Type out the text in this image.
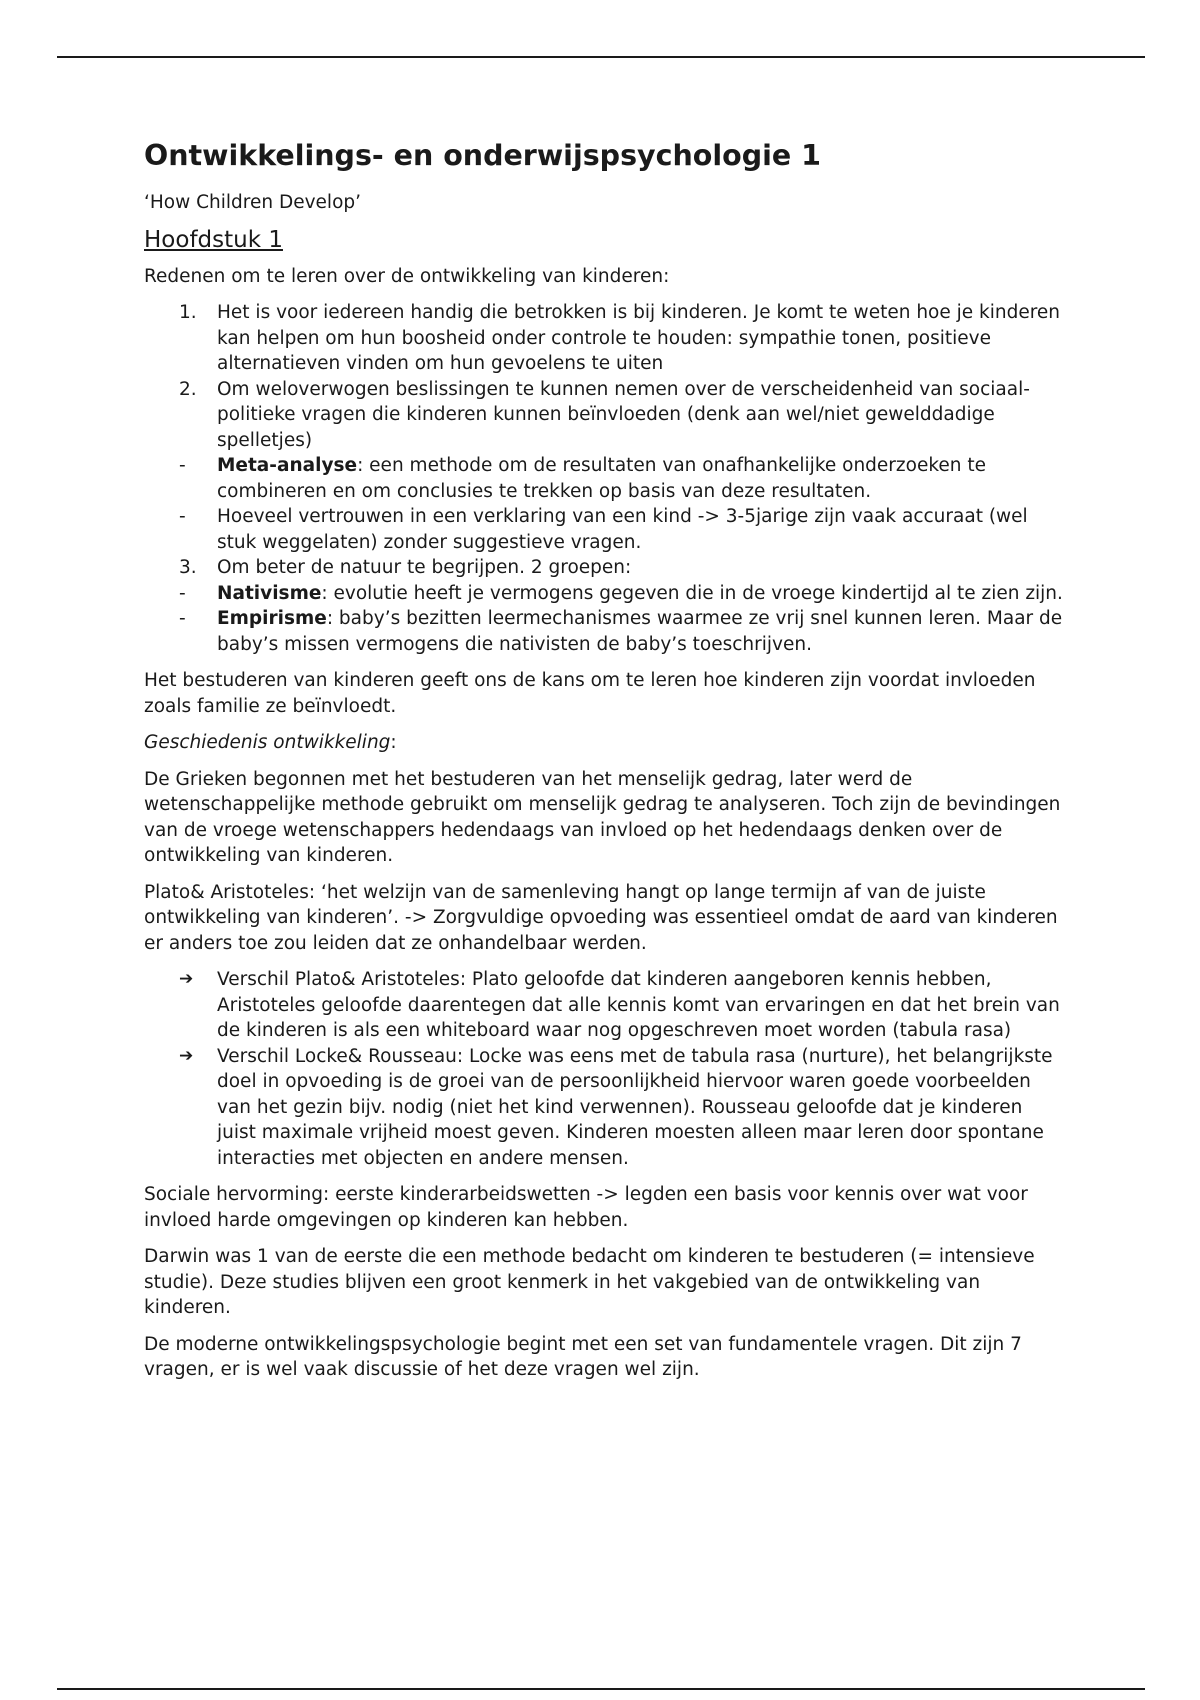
Ontwikkelings- en onderwijspsychologie 1

‘How Children Develop’

Hoofdstuk 1

Redenen om te leren over de ontwikkeling van kinderen:

1. Het is voor iedereen handig die betrokken is bij kinderen. Je komt te weten hoe je kinderen kan helpen om hun boosheid onder controle te houden: sympathie tonen, positieve alternatieven vinden om hun gevoelens te uiten
2. Om weloverwogen beslissingen te kunnen nemen over de verscheidenheid van sociaal-politieke vragen die kinderen kunnen beïnvloeden (denk aan wel/niet gewelddadige spelletjes)
- Meta-analyse: een methode om de resultaten van onafhankelijke onderzoeken te combineren en om conclusies te trekken op basis van deze resultaten.
- Hoeveel vertrouwen in een verklaring van een kind -> 3-5jarige zijn vaak accuraat (wel stuk weggelaten) zonder suggestieve vragen.
3. Om beter de natuur te begrijpen. 2 groepen:
- Nativisme: evolutie heeft je vermogens gegeven die in de vroege kindertijd al te zien zijn.
- Empirisme: baby’s bezitten leermechanismes waarmee ze vrij snel kunnen leren. Maar de baby’s missen vermogens die nativisten de baby’s toeschrijven.

Het bestuderen van kinderen geeft ons de kans om te leren hoe kinderen zijn voordat invloeden zoals familie ze beïnvloedt.

Geschiedenis ontwikkeling:

De Grieken begonnen met het bestuderen van het menselijk gedrag, later werd de wetenschappelijke methode gebruikt om menselijk gedrag te analyseren. Toch zijn de bevindingen van de vroege wetenschappers hedendaags van invloed op het hedendaags denken over de ontwikkeling van kinderen.

Plato& Aristoteles: ‘het welzijn van de samenleving hangt op lange termijn af van de juiste ontwikkeling van kinderen’. -> Zorgvuldige opvoeding was essentieel omdat de aard van kinderen er anders toe zou leiden dat ze onhandelbaar werden.

➔ Verschil Plato& Aristoteles: Plato geloofde dat kinderen aangeboren kennis hebben, Aristoteles geloofde daarentegen dat alle kennis komt van ervaringen en dat het brein van de kinderen is als een whiteboard waar nog opgeschreven moet worden (tabula rasa)
➔ Verschil Locke& Rousseau: Locke was eens met de tabula rasa (nurture), het belangrijkste doel in opvoeding is de groei van de persoonlijkheid hiervoor waren goede voorbeelden van het gezin bijv. nodig (niet het kind verwennen). Rousseau geloofde dat je kinderen juist maximale vrijheid moest geven. Kinderen moesten alleen maar leren door spontane interacties met objecten en andere mensen.

Sociale hervorming: eerste kinderarbeidswetten -> legden een basis voor kennis over wat voor invloed harde omgevingen op kinderen kan hebben.

Darwin was 1 van de eerste die een methode bedacht om kinderen te bestuderen (= intensieve studie). Deze studies blijven een groot kenmerk in het vakgebied van de ontwikkeling van kinderen.

De moderne ontwikkelingspsychologie begint met een set van fundamentele vragen. Dit zijn 7 vragen, er is wel vaak discussie of het deze vragen wel zijn.
